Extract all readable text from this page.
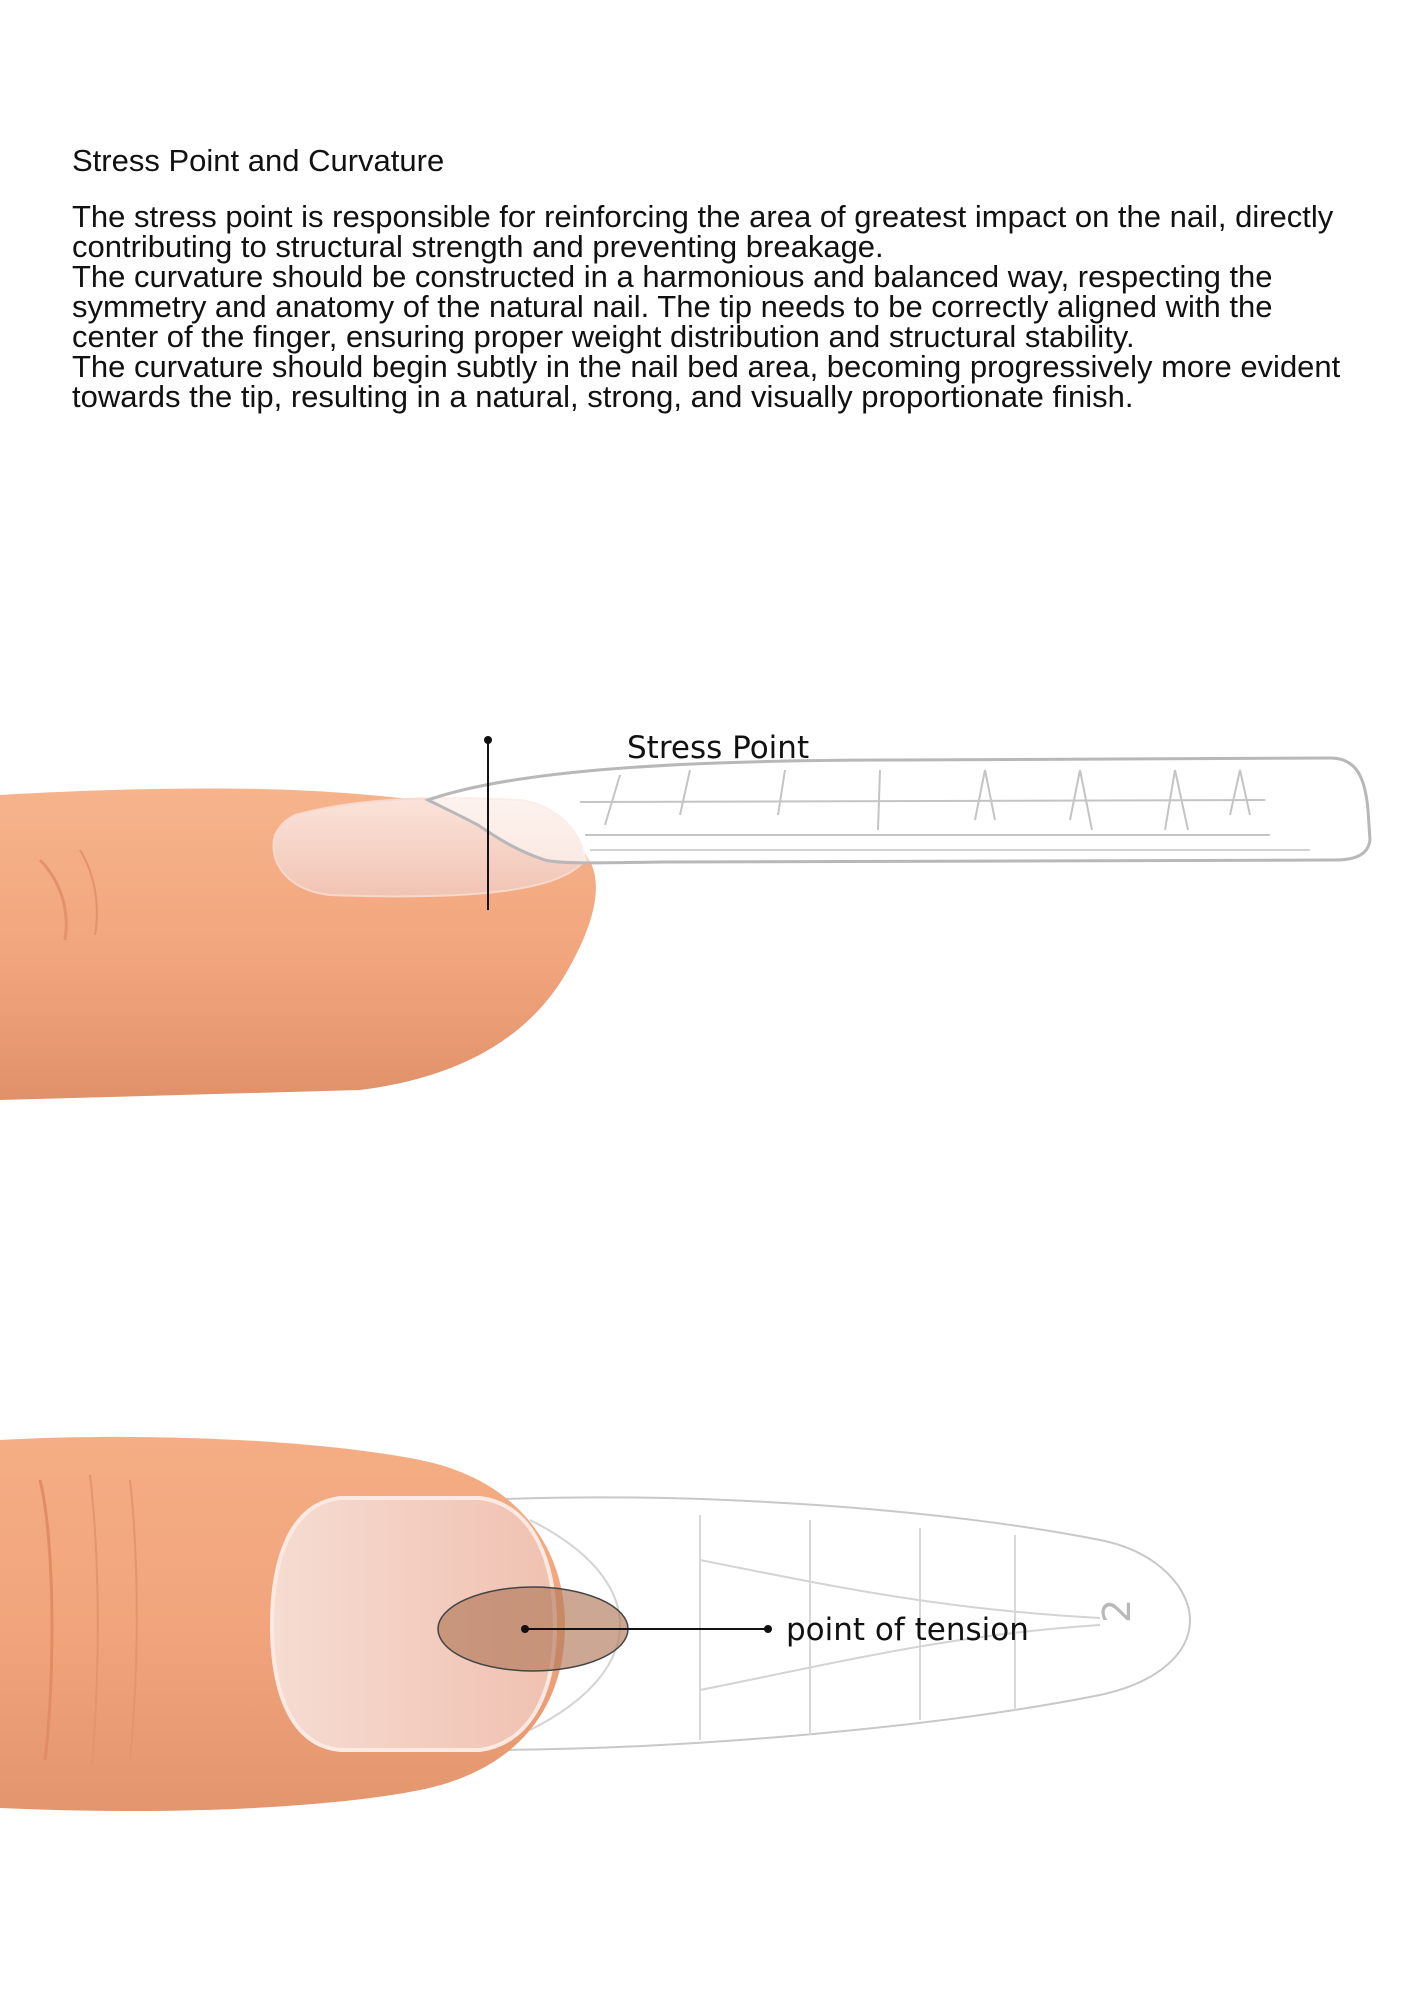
Stress Point and Curvature

The stress point is responsible for reinforcing the area of greatest impact on the nail, directly contributing to structural strength and preventing breakage.

The curvature should be constructed in a harmonious and balanced way, respecting the symmetry and anatomy of the natural nail. The tip needs to be correctly aligned with the center of the finger, ensuring proper weight distribution and structural stability.

The curvature should begin subtly in the nail bed area, becoming progressively more evident towards the tip, resulting in a natural, strong, and visually proportionate finish.

Stress Point
2
point of tension
